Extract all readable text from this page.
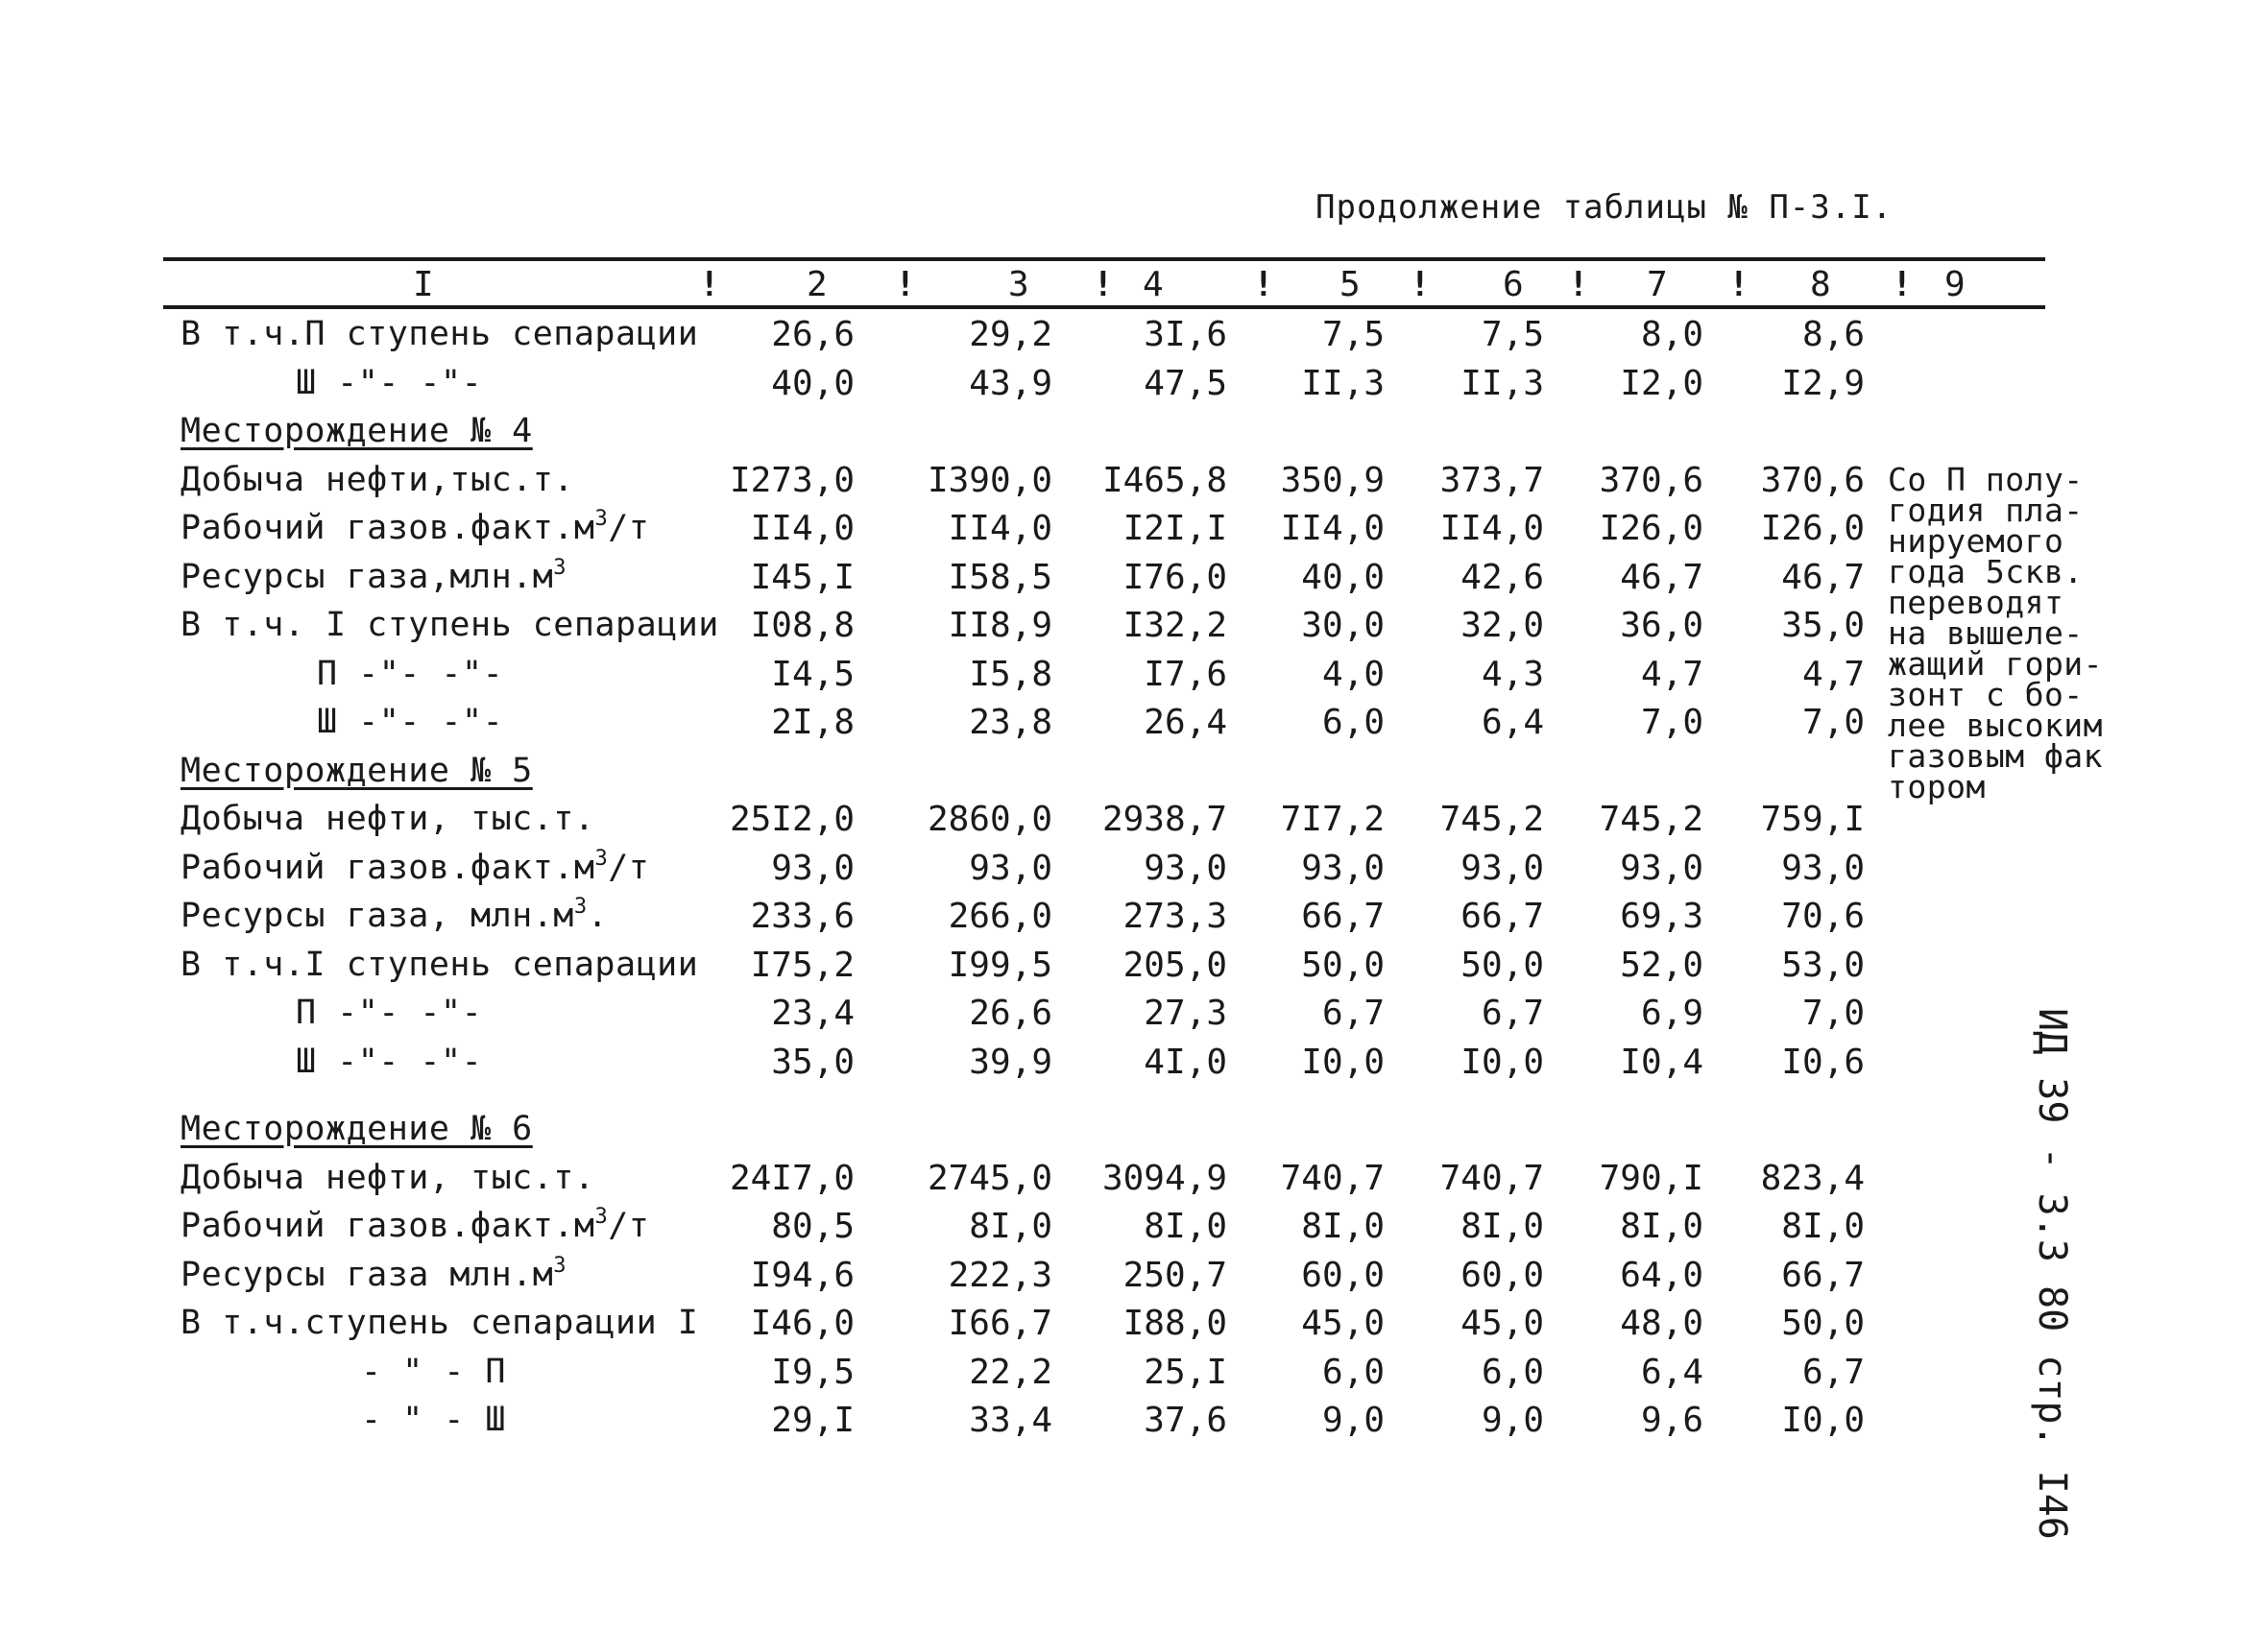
Продолжение таблицы № П-3.I.
I	2	3	4	5	6	7	8	9
!	!	!	!	!	!	!	!
В т.ч.П ступень сепарации	26,6	29,2	3I,6	7,5	7,5	8,0	8,6
Ш -"- -"-	40,0	43,9	47,5	II,3	II,3	I2,0	I2,9
Месторождение № 4
Добыча нефти,тыс.т.	I273,0	I390,0	I465,8	350,9	373,7	370,6	370,6
Рабочий $газов.факт.м^3/т$	II4,0	II4,0	I2I,I	II4,0	II4,0	I26,0	I26,0
Ресурсы $газа,млн.м^3$	I45,I	I58,5	I76,0	40,0	42,6	46,7	46,7
В т.ч. I ступень сепарации I08,8	II8,9	I32,2	30,0	32,0	36,0	35,0
П -"- -"-	I4,5	I5,8	I7,6	4,0	4,3	4,7	4,7
Ш -"- -"-	2I,8	23,8	26,4	6,0	6,4	7,0	7,0
Месторождение № 5
Добыча нефти, тыс.т.	25I2,0	2860,0	2938,7	7I7,2	745,2	745,2	759,I
Рабочий $газов.факт.м^3/т$	93,0	93,0	93,0	93,0	93,0	93,0	93,0
Ресурсы газа, $млн.м^3$.	233,6	266,0	273,3	66,7	66,7	69,3	70,6
В т.ч.I ступень сепарации	I75,2	I99,5	205,0	50,0	50,0	52,0	53,0
П -"- -"-	23,4	26,6	27,3	6,7	6,7	6,9	7,0
Ш -"- -"-	35,0	39,9	4I,0	I0,0	I0,0	I0,4	I0,6
Месторождение № 6
Добыча нефти, тыс.т.	24I7,0	2745,0	3094,9	740,7	740,7	790,I	823,4
Рабочий $газов.факт.м^3/т$	80,5	8I,0	8I,0	8I,0	8I,0	8I,0	8I,0
Ресурсы газа $млн.м^3$	I94,6	222,3	250,7	60,0	60,0	64,0	66,7
В т.ч.ступень сепарации I	I46,0	I66,7	I88,0	45,0	45,0	48,0	50,0
- " - П	I9,5	22,2	25,I	6,0	6,0	6,4	6,7
- " - Ш	29,I	33,4	37,6	9,0	9,0	9,6	I0,0
Со П полу-
годия пла-
нируемого
года 5скв.
переводят
на вышеле-
жащий гори-
зонт с бо-
лее высоким
газовым фак
тором
ИД 39 - 3.3 80 стр. I46
